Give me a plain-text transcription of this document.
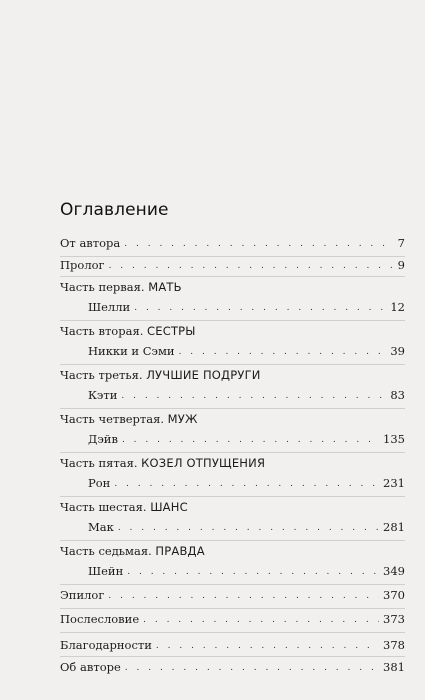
Оглавление
От автора . . .	7
Пролог . . .	9
Часть первая. МАТЬ
Шелли . . .	12
Часть вторая. СЕСТРЫ
Никки и Сэми . . .	39
Часть третья. ЛУЧШИЕ ПОДРУГИ
Кэти . . .	83
Часть четвертая. МУЖ
Дэйв . . .	135
Часть пятая. КОЗЕЛ ОТПУЩЕНИЯ
Рон . . .	231
Часть шестая. ШАНС
Мак . . .	281
Часть седьмая. ПРАВДА
Шейн . . .	349
Эпилог . . .	370
Послесловие . . .	373
Благодарности . . .	378
Об авторе . . .	381
